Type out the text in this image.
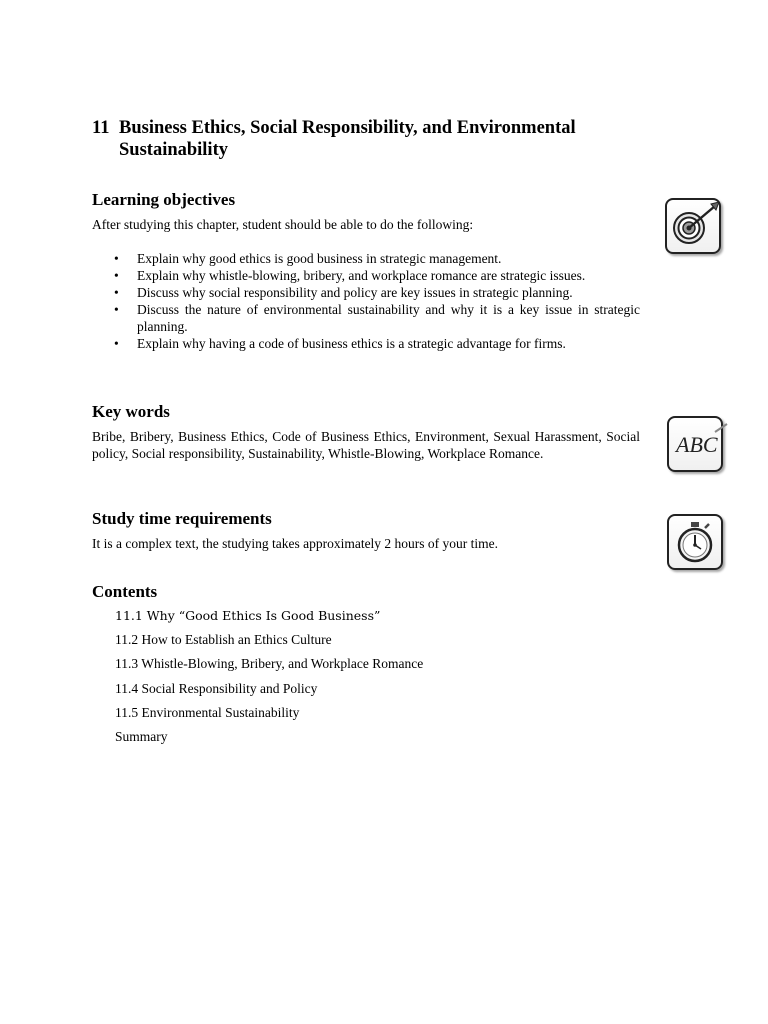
11 Business Ethics, Social Responsibility, and Environmental Sustainability
Learning objectives

After studying this chapter, student should be able to do the following:

• Explain why good ethics is good business in strategic management.
• Explain why whistle-blowing, bribery, and workplace romance are strategic issues.
• Discuss why social responsibility and policy are key issues in strategic planning.
• Discuss the nature of environmental sustainability and why it is a key issue in strategic planning.
• Explain why having a code of business ethics is a strategic advantage for firms.
Key words

Bribe, Bribery, Business Ethics, Code of Business Ethics, Environment, Sexual Harassment, Social policy, Social responsibility, Sustainability, Whistle-Blowing, Workplace Romance.	ABC
Study time requirements

It is a complex text, the studying takes approximately 2 hours of your time.

Contents
11.1 Why “Good Ethics Is Good Business”
11.2 How to Establish an Ethics Culture
11.3 Whistle-Blowing, Bribery, and Workplace Romance
11.4 Social Responsibility and Policy
11.5 Environmental Sustainability
Summary
